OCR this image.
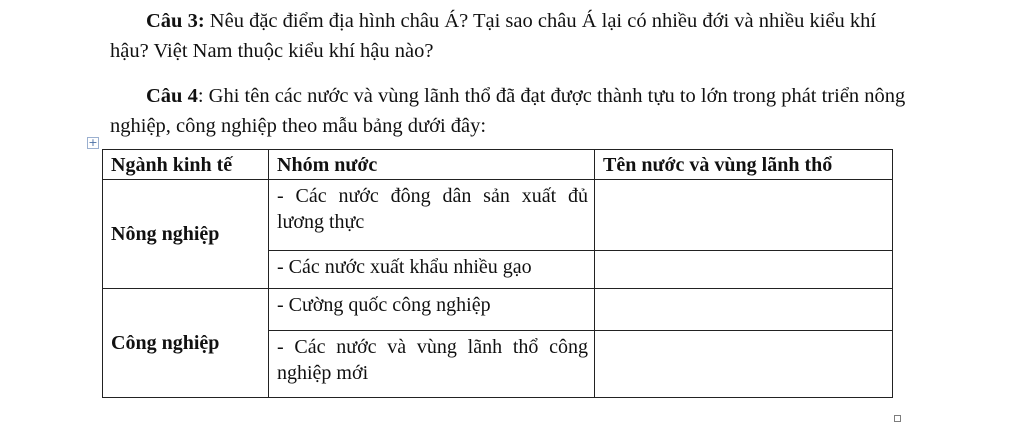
Câu 3: Nêu đặc điểm địa hình châu Á? Tại sao châu Á lại có nhiều đới và nhiều kiểu khí hậu? Việt Nam thuộc kiểu khí hậu nào?

Câu 4: Ghi tên các nước và vùng lãnh thổ đã đạt được thành tựu to lớn trong phát triển nông nghiệp, công nghiệp theo mẫu bảng dưới đây:

+
Ngành kinh tế	Nhóm nước	Tên nước và vùng lãnh thổ
Nông nghiệp	- Các nước đông dân sản xuất đủ lương thực	
	- Các nước xuất khẩu nhiều gạo	
Công nghiệp	- Cường quốc công nghiệp	
	- Các nước và vùng lãnh thổ công nghiệp mới	
